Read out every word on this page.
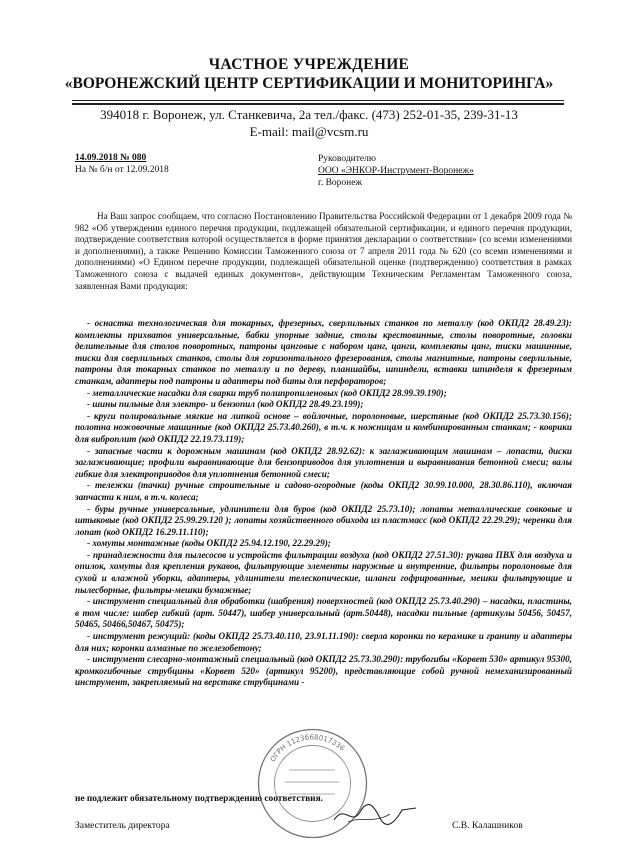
ЧАСТНОЕ УЧРЕЖДЕНИЕ
«ВОРОНЕЖСКИЙ ЦЕНТР СЕРТИФИКАЦИИ И МОНИТОРИНГА»
394018 г. Воронеж, ул. Станкевича, 2а тел./факс. (473) 252-01-35, 239-31-13
E-mail: mail@vcsm.ru
14.09.2018 № 080
На № б/н от 12.09.2018
Руководителю
ООО «ЭНКОР-Инструмент-Воронеж»
г. Воронеж
На Ваш запрос сообщаем, что согласно Постановлению Правительства Российской Федерации от 1 декабря 2009 года № 982 «Об утверждении единого перечня продукции, подлежащей обязательной сертификации, и единого перечня продукции, подтверждение соответствия которой осуществляется в форме принятия декларации о соответствии» (со всеми изменениями и дополнениями), а также Решению Комиссии Таможенного союза от 7 апреля 2011 года № 620 (со всеми изменениями и дополнениями) «О Едином перечне продукции, подлежащей обязательной оценке (подтверждению) соответствия в рамках Таможенного союза с выдачей единых документов», действующим Техническим Регламентам Таможенного союза, заявленная Вами продукция:

- оснастка технологическая для токарных, фрезерных, сверлильных станков по металлу (код ОКПД2 28.49.23): комплекты прихватов универсальные, бабки упорные задние, столы крестовинные, столы поворотные, головки делительные для столов поворотных, патроны цанговые с набором цанг, цанги, комплекты цанг, тиски машинные, тиски для сверлильных станков, столы для горизонтального фрезерования, столы магнитные, патроны сверлильные, патроны для токарных станков по металлу и по дереву, планшайбы, шпиндели, вставки шпинделя к фрезерным станкам, адаптеры под патроны и адаптеры под биты для перфораторов;

- металлические насадки для сварки труб полипропиленовых (код ОКПД2 28.99.39.190);

- шины пильные для электро- и бензопил (код ОКПД2 28.49.23.199);

- круги полировальные мягкие на липкой основе – войлочные, поролоновые, шерстяные (код ОКПД2 25.73.30.156); полотна ножовочные машинные (код ОКПД2 25.73.40.260), в т.ч. к ножницам и комбинированным станкам; - коврики для виброплит (код ОКПД2 22.19.73.119);

- запасные части к дорожным машинам (код ОКПД2 28.92.62): к заглаживающим машинам – лопасти, диски заглаживающие; профили выравнивающие для бензоприводов для уплотнения и выравнивания бетонной смеси; валы гибкие для электроприводов для уплотнения бетонной смеси;

- тележки (тачки) ручные строительные и садово-огородные (коды ОКПД2 30.99.10.000, 28.30.86.110), включая запчасти к ним, в т.ч. колеса;

- буры ручные универсальные, удлинители для буров (код ОКПД2 25.73.10); лопаты металлические совковые и штыковые (код ОКПД2 25.99.29.120 ); лопаты хозяйственного обихода из пластмасс (код ОКПД2 22.29.29); черенки для лопат (код ОКПД2 16.29.11.110);

- хомуты монтажные (коды ОКПД2 25.94.12.190, 22.29.29);

- принадлежности для пылесосов и устройств фильтрации воздуха (код ОКПД2 27.51.30): рукава ПВХ для воздуха и опилок, хомуты для крепления рукавов, фильтрующие элементы наружные и внутренние, фильтры поролоновые для сухой и влажной уборки, адаптеры, удлинители телескопические, шланги гофрированные, мешки фильтрующие и пылесборные, фильтры-мешки бумажные;

- инструмент специальный для обработки (шабрения) поверхностей (код ОКПД2 25.73.40.290) – насадки, пластины, в том числе: шабер гибкий (арт. 50447), шабер универсальный (арт.50448), насадки пильные (артикулы 50456, 50457, 50465, 50466,50467, 50475);

- инструмент режущий: (коды ОКПД2 25.73.40.110, 23.91.11.190): сверла коронки по керамике и граниту и адаптеры для них; коронки алмазные по железобетону;

- инструмент слесарно-монтажный специальный (код ОКПД2 25.73.30.290): трубогибы «Корвет 530» артикул 95300, кромкогибочные струбцины «Корвет 520» (артикул 95200), представляющие собой ручной немеханизированный инструмент, закрепляемый на верстаке струбцинами -

не подлежит обязательному подтверждению соответствия.
ОГРН 1123668017336
Заместитель директора	С.В. Калашников
